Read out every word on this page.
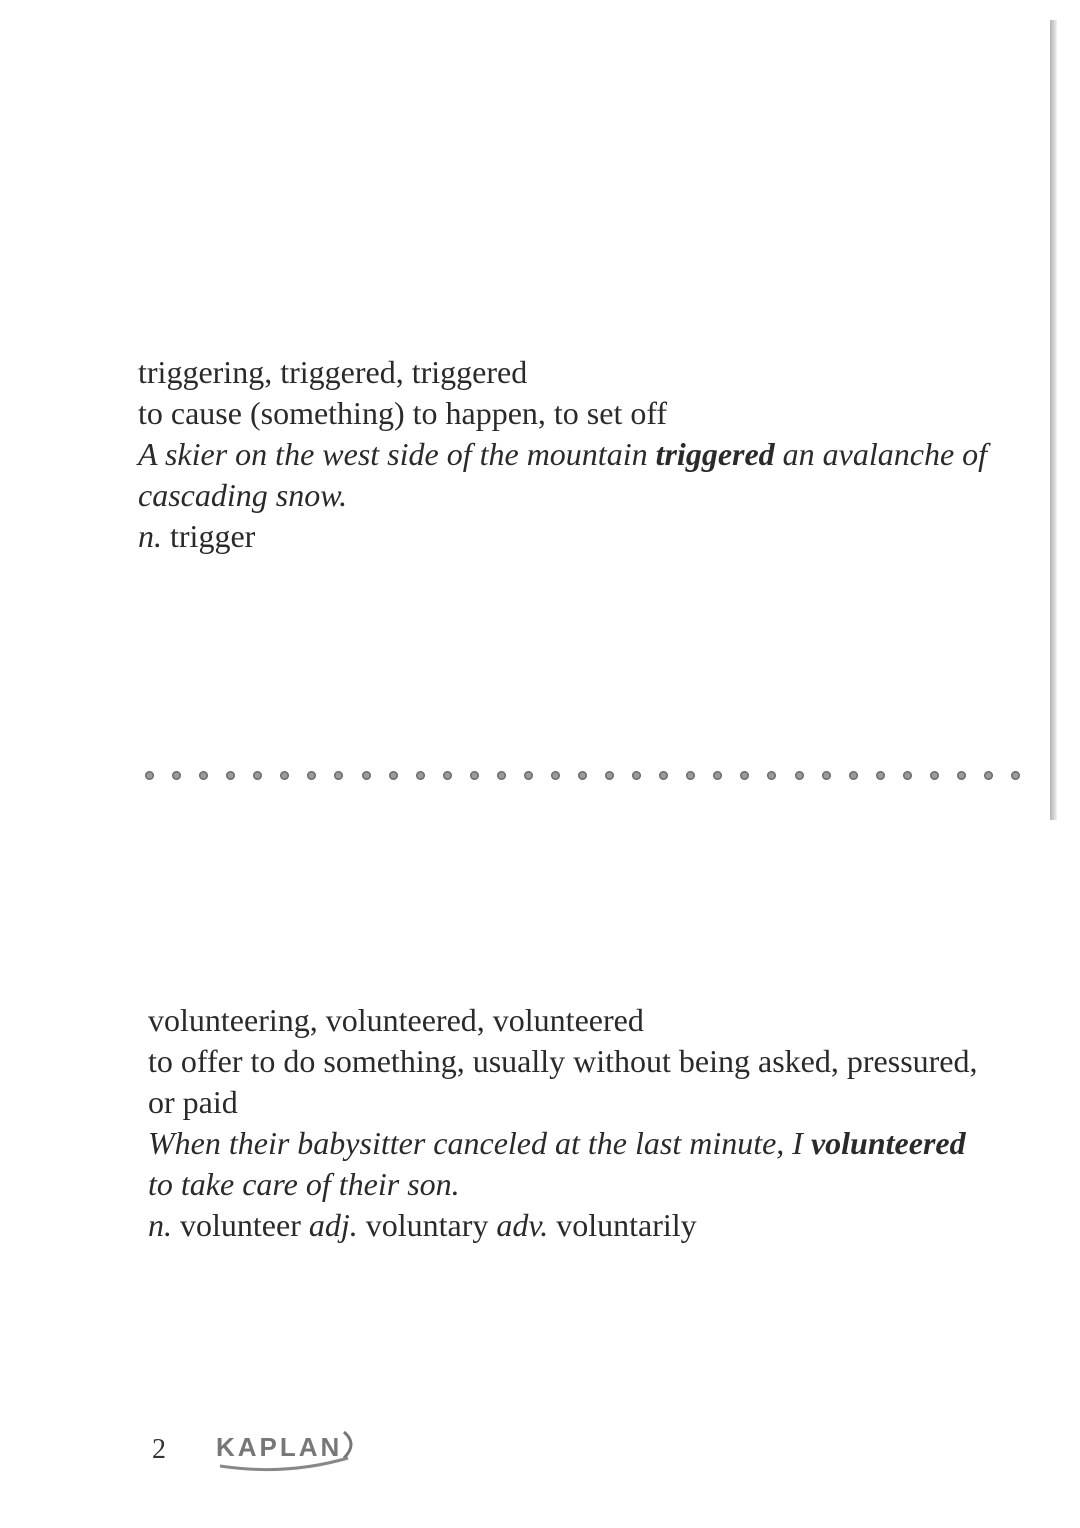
triggering, triggered, triggered

to cause (something) to happen, to set off

A skier on the west side of the mountain triggered an avalanche of cascading snow.

n. trigger

volunteering, volunteered, volunteered

to offer to do something, usually without being asked, pressured, or paid

When their babysitter canceled at the last minute, I volunteered to take care of their son.

n. volunteer adj. voluntary adv. voluntarily

2 KAPLAN
